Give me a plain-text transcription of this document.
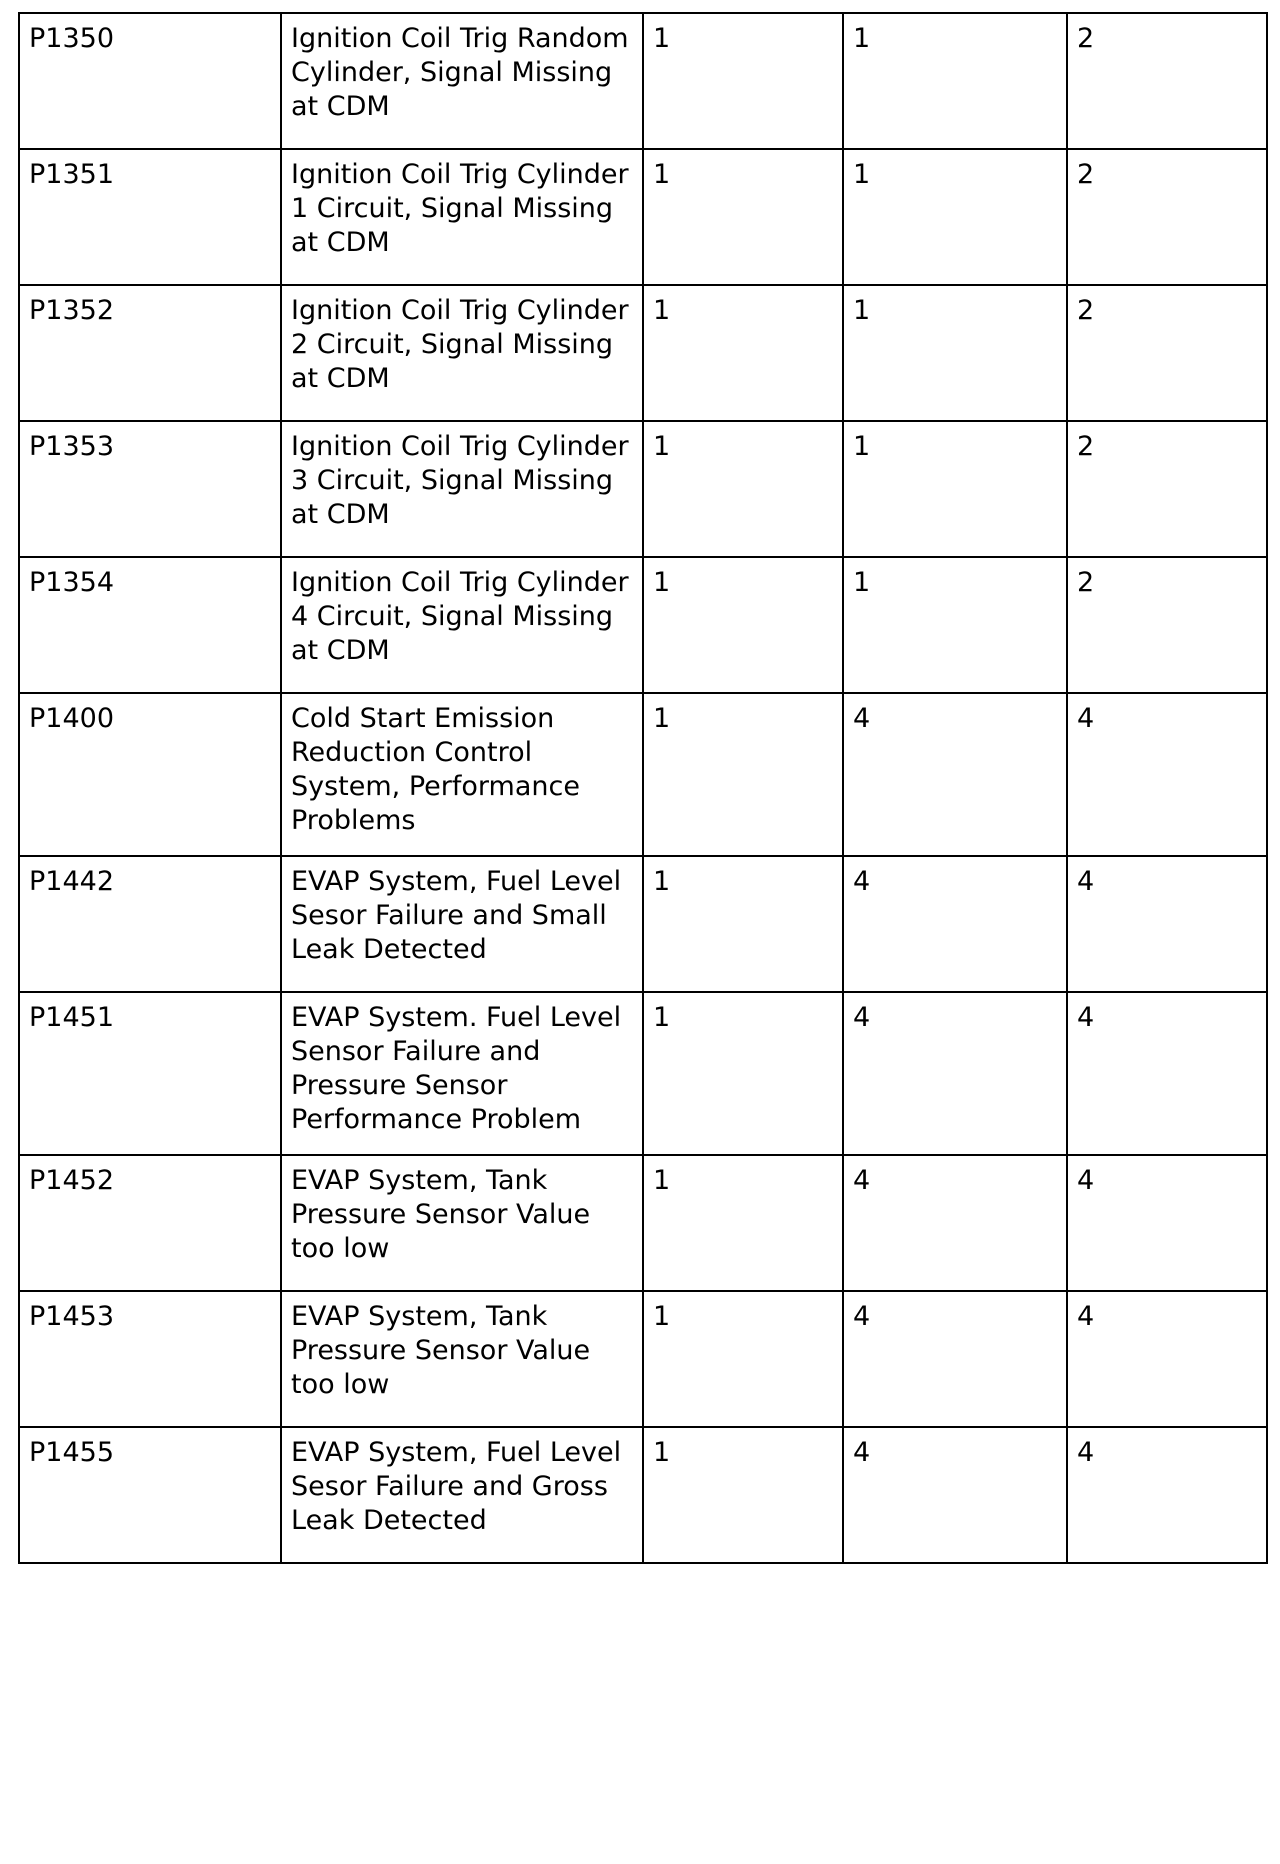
P1350	Ignition Coil Trig Random Cylinder, Signal Missing at CDM	1	1	2
P1351	Ignition Coil Trig Cylinder 1 Circuit, Signal Missing at CDM	1	1	2
P1352	Ignition Coil Trig Cylinder 2 Circuit, Signal Missing at CDM	1	1	2
P1353	Ignition Coil Trig Cylinder 3 Circuit, Signal Missing at CDM	1	1	2
P1354	Ignition Coil Trig Cylinder 4 Circuit, Signal Missing at CDM	1	1	2
P1400	Cold Start Emission Reduction Control System, Performance Problems	1	4	4
P1442	EVAP System, Fuel Level Sesor Failure and Small Leak Detected	1	4	4
P1451	EVAP System. Fuel Level Sensor Failure and Pressure Sensor Performance Problem	1	4	4
P1452	EVAP System, Tank Pressure Sensor Value too low	1	4	4
P1453	EVAP System, Tank Pressure Sensor Value too low	1	4	4
P1455	EVAP System, Fuel Level Sesor Failure and Gross Leak Detected	1	4	4
